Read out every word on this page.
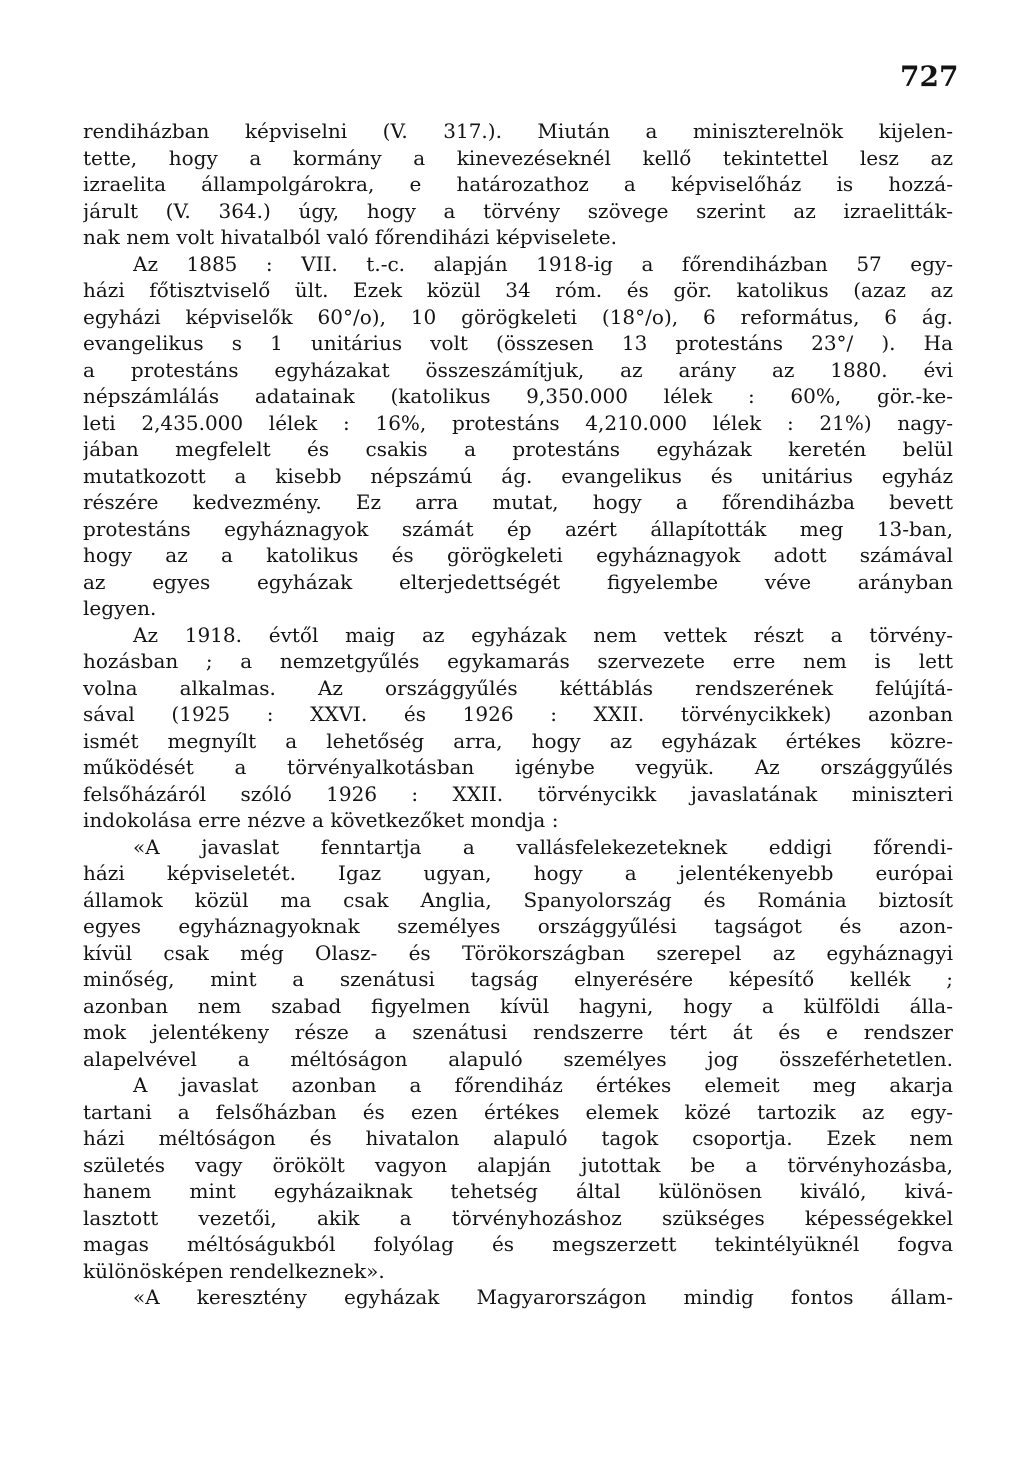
727
rendiházban képviselni (V. 317.). Miután a miniszterelnök kijelen-
tette, hogy a kormány a kinevezéseknél kellő tekintettel lesz az
izraelita állampolgárokra, e határozathoz a képviselőház is hozzá-
járult (V. 364.) úgy, hogy a törvény szövege szerint az izraelitták-
nak nem volt hivatalból való főrendiházi képviselete.
Az 1885 : VII. t.-c. alapján 1918-ig a főrendiházban 57 egy-
házi főtisztviselő ült. Ezek közül 34 róm. és gör. katolikus (azaz az
egyházi képviselők 60°/o), 10 görögkeleti (18°/o), 6 református, 6 ág.
evangelikus s 1 unitárius volt (összesen 13 protestáns 23°/ ). Ha
a protestáns egyházakat összeszámítjuk, az arány az 1880. évi
népszámlálás adatainak (katolikus 9,350.000 lélek : 60%, gör.-ke-
leti 2,435.000 lélek : 16%, protestáns 4,210.000 lélek : 21%) nagy-
jában megfelelt és csakis a protestáns egyházak keretén belül
mutatkozott a kisebb népszámú ág. evangelikus és unitárius egyház
részére kedvezmény. Ez arra mutat, hogy a főrendiházba bevett
protestáns egyháznagyok számát ép azért állapították meg 13-ban,
hogy az a katolikus és görögkeleti egyháznagyok adott számával
az egyes egyházak elterjedettségét figyelembe véve arányban
legyen.
Az 1918. évtől maig az egyházak nem vettek részt a törvény-
hozásban ; a nemzetgyűlés egykamarás szervezete erre nem is lett
volna alkalmas. Az országgyűlés kéttáblás rendszerének felújítá-
sával (1925 : XXVI. és 1926 : XXII. törvénycikkek) azonban
ismét megnyílt a lehetőség arra, hogy az egyházak értékes közre-
működését a törvényalkotásban igénybe vegyük. Az országgyűlés
felsőházáról szóló 1926 : XXII. törvénycikk javaslatának miniszteri
indokolása erre nézve a következőket mondja :
«A javaslat fenntartja a vallásfelekezeteknek eddigi főrendi-
házi képviseletét. Igaz ugyan, hogy a jelentékenyebb európai
államok közül ma csak Anglia, Spanyolország és Románia biztosít
egyes egyháznagyoknak személyes országgyűlési tagságot és azon-
kívül csak még Olasz- és Törökországban szerepel az egyháznagyi
minőség, mint a szenátusi tagság elnyerésére képesítő kellék ;
azonban nem szabad figyelmen kívül hagyni, hogy a külföldi álla-
mok jelentékeny része a szenátusi rendszerre tért át és e rendszer
alapelvével a méltóságon alapuló személyes jog összeférhetetlen.
A javaslat azonban a főrendiház értékes elemeit meg akarja
tartani a felsőházban és ezen értékes elemek közé tartozik az egy-
házi méltóságon és hivatalon alapuló tagok csoportja. Ezek nem
születés vagy örökölt vagyon alapján jutottak be a törvényhozásba,
hanem mint egyházaiknak tehetség által különösen kiváló, kivá-
lasztott vezetői, akik a törvényhozáshoz szükséges képességekkel
magas méltóságukból folyólag és megszerzett tekintélyüknél fogva
különösképen rendelkeznek».
«A keresztény egyházak Magyarországon mindig fontos állam-
